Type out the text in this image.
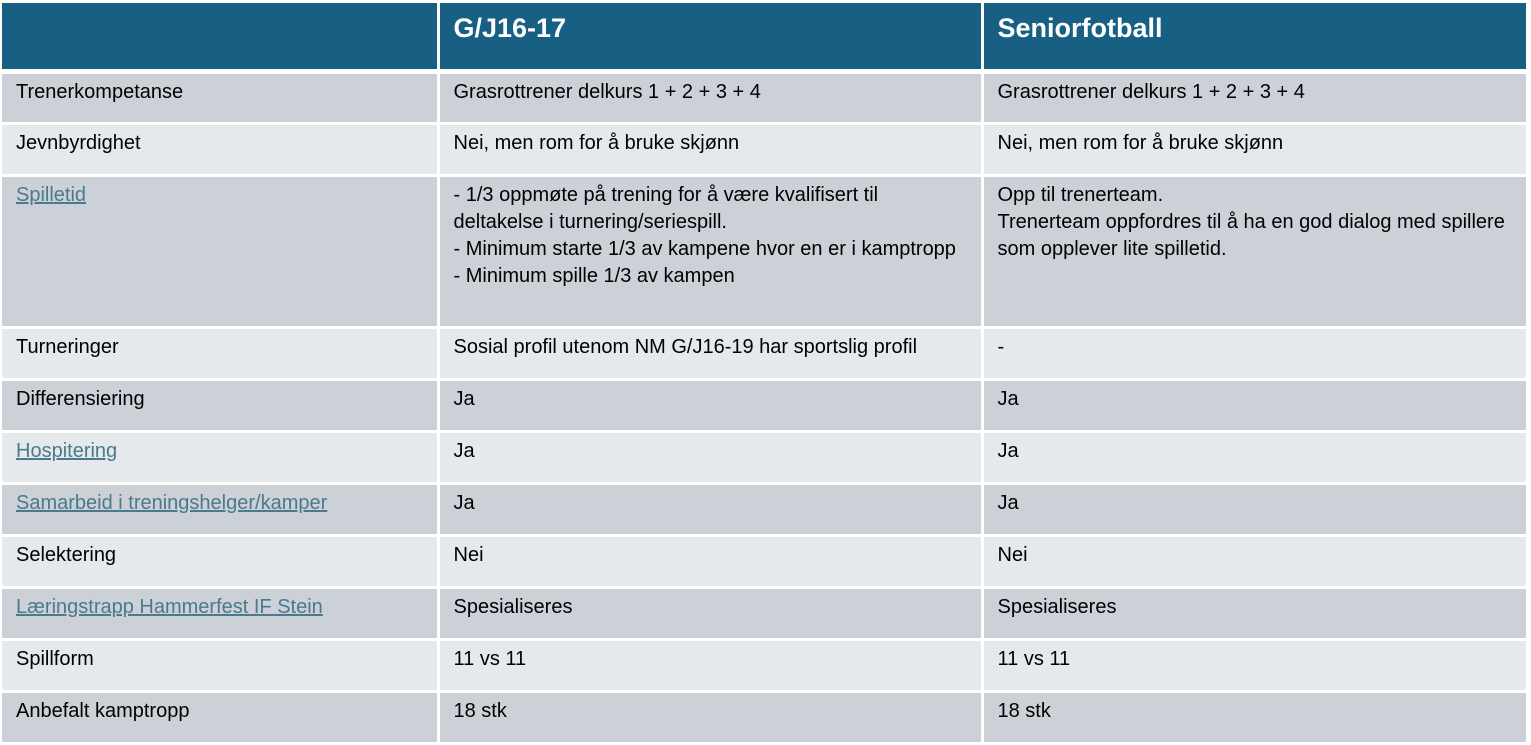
	G/J16-17	Seniorfotball
Trenerkompetanse	Grasrottrener delkurs 1 + 2 + 3 + 4	Grasrottrener delkurs 1 + 2 + 3 + 4

Jevnbyrdighet	Nei, men rom for å bruke skjønn	Nei, men rom for å bruke skjønn

Spilletid	- 1/3 oppmøte på trening for å være kvalifisert til deltakelse i turnering/seriespill.
- Minimum starte 1/3 av kampene hvor en er i kamptropp
- Minimum spille 1/3 av kampen	Opp til trenerteam.
Trenerteam oppfordres til å ha en god dialog med spillere som opplever lite spilletid.

Turneringer	Sosial profil utenom NM G/J16-19 har sportslig profil	-

Differensiering	Ja	Ja

Hospitering	Ja	Ja

Samarbeid i treningshelger/kamper	Ja	Ja

Selektering	Nei	Nei

Læringstrapp Hammerfest IF Stein	Spesialiseres	Spesialiseres

Spillform	11 vs 11	11 vs 11

Anbefalt kamptropp	18 stk	18 stk
